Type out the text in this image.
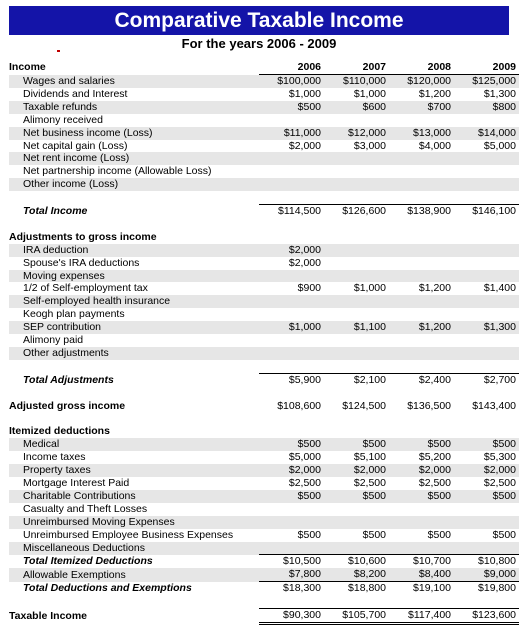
Comparative Taxable Income
For the years 2006 - 2009
Income	2006	2007	2008	2009
Wages and salaries	$100,000	$110,000	$120,000	$125,000
Dividends and Interest	$1,000	$1,000	$1,200	$1,300
Taxable refunds	$500	$600	$700	$800
Alimony received				
Net business income (Loss)	$11,000	$12,000	$13,000	$14,000
Net capital gain (Loss)	$2,000	$3,000	$4,000	$5,000
Net rent income (Loss)				
Net partnership income (Allowable Loss)				
Other income (Loss)				

Total Income	$114,500	$126,600	$138,900	$146,100

Adjustments to gross income				
IRA deduction	$2,000			
Spouse's IRA deductions	$2,000			
Moving expenses				
1/2 of Self-employment tax	$900	$1,000	$1,200	$1,400
Self-employed health insurance				
Keogh plan payments				
SEP contribution	$1,000	$1,100	$1,200	$1,300
Alimony paid				
Other adjustments				

Total Adjustments	$5,900	$2,100	$2,400	$2,700

Adjusted gross income	$108,600	$124,500	$136,500	$143,400

Itemized deductions				
Medical	$500	$500	$500	$500
Income taxes	$5,000	$5,100	$5,200	$5,300
Property taxes	$2,000	$2,000	$2,000	$2,000
Mortgage Interest Paid	$2,500	$2,500	$2,500	$2,500
Charitable Contributions	$500	$500	$500	$500
Casualty and Theft Losses				
Unreimbursed Moving Expenses				
Unreimbursed Employee Business Expenses	$500	$500	$500	$500
Miscellaneous Deductions				
Total Itemized Deductions	$10,500	$10,600	$10,700	$10,800
Allowable Exemptions	$7,800	$8,200	$8,400	$9,000
Total Deductions and Exemptions	$18,300	$18,800	$19,100	$19,800

Taxable Income	$90,300	$105,700	$117,400	$123,600
